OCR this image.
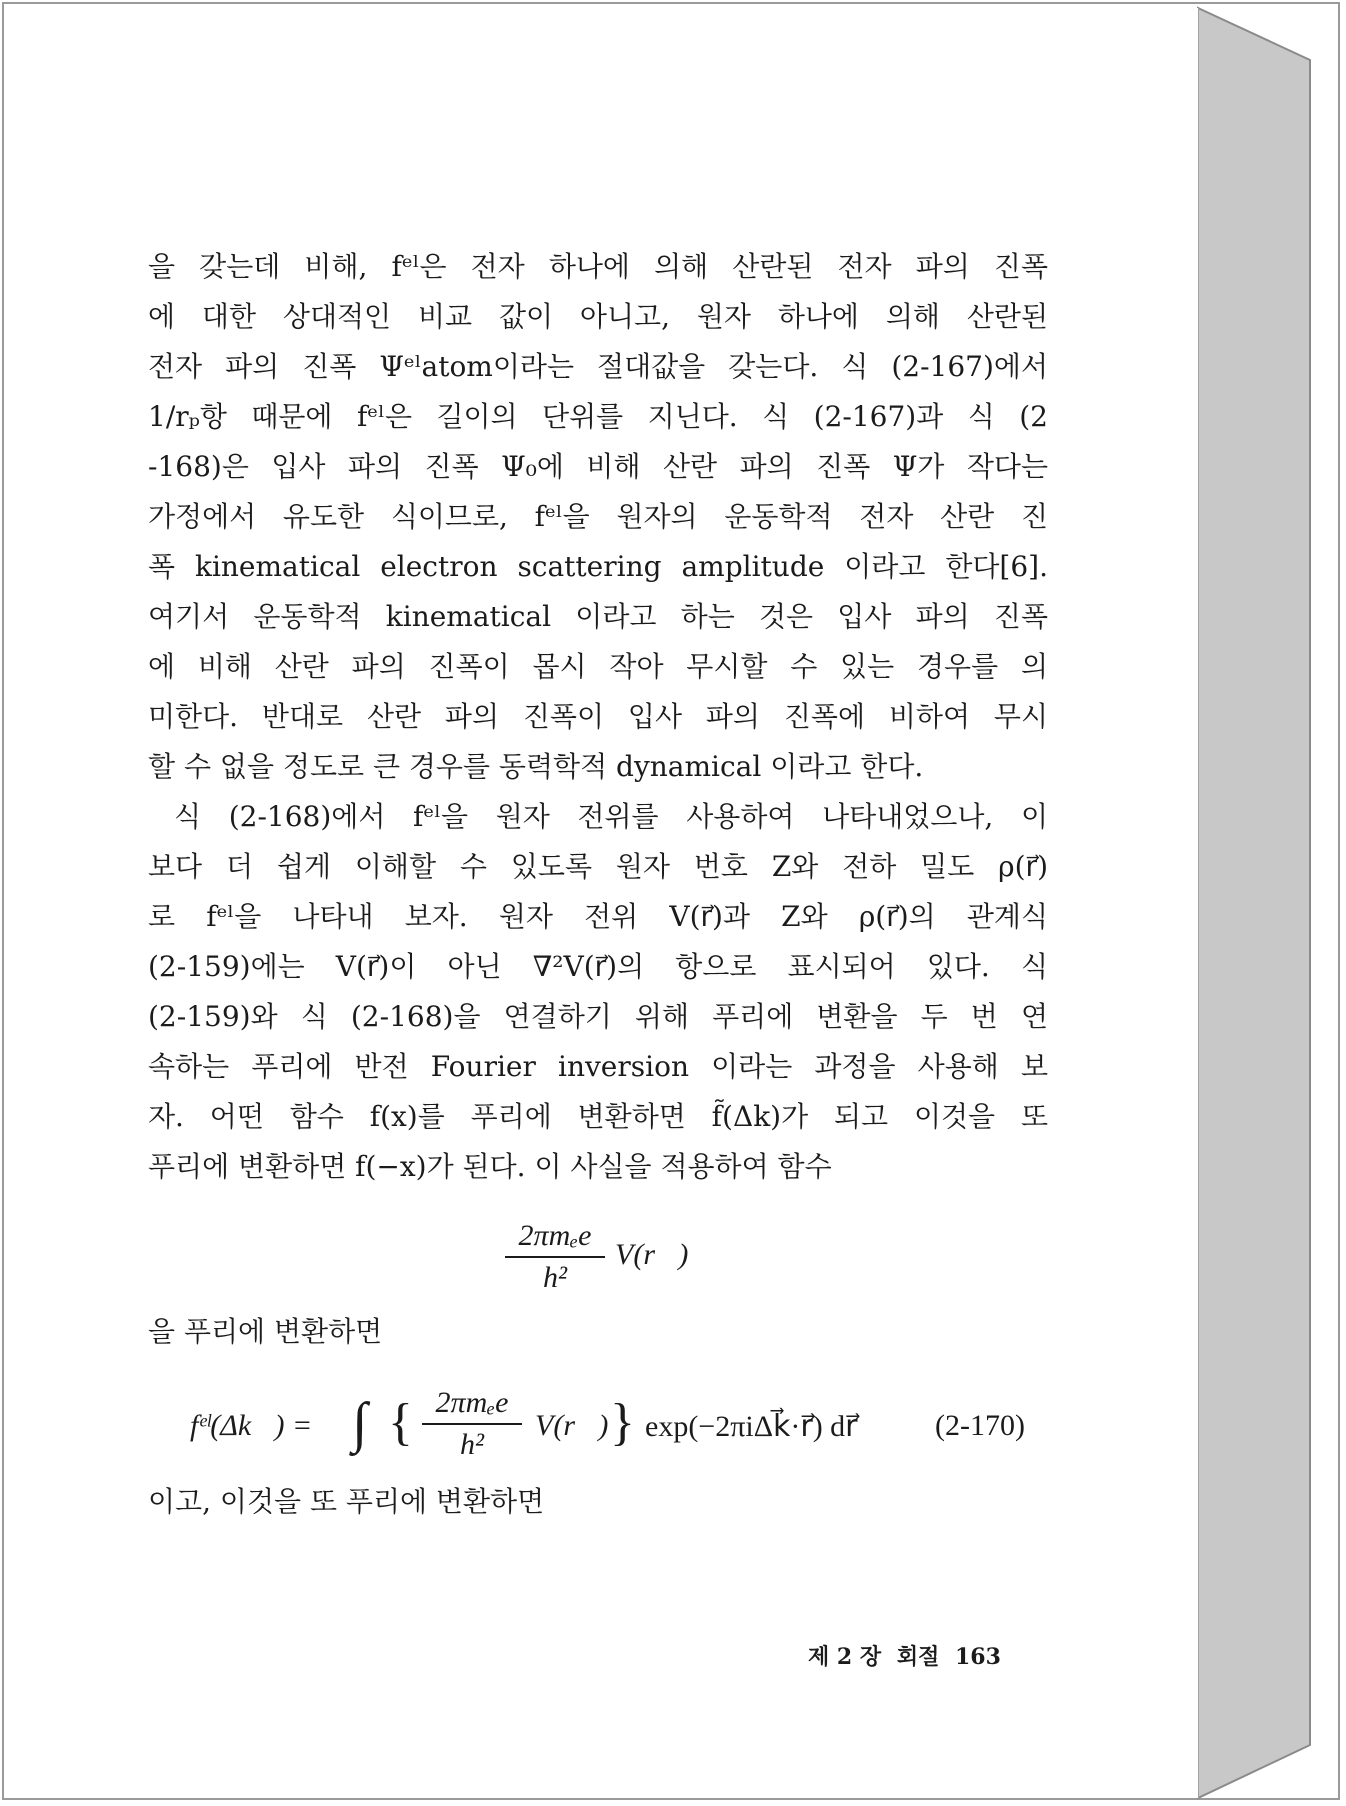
을 갖는데 비해, fᵉˡ은 전자 하나에 의해 산란된 전자 파의 진폭
에 대한 상대적인 비교 값이 아니고, 원자 하나에 의해 산란된
전자 파의 진폭 Ψᵉˡatom이라는 절대값을 갖는다. 식 (2-167)에서
1/rₚ항 때문에 fᵉˡ은 길이의 단위를 지닌다. 식 (2-167)과 식 (2
-168)은 입사 파의 진폭 Ψ₀에 비해 산란 파의 진폭 Ψ가 작다는
가정에서 유도한 식이므로, fᵉˡ을 원자의 운동학적 전자 산란 진
폭 kinematical electron scattering amplitude 이라고 한다[6].
여기서 운동학적 kinematical 이라고 하는 것은 입사 파의 진폭
에 비해 산란 파의 진폭이 몹시 작아 무시할 수 있는 경우를 의
미한다. 반대로 산란 파의 진폭이 입사 파의 진폭에 비하여 무시
할 수 없을 정도로 큰 경우를 동력학적 dynamical 이라고 한다.
식 (2-168)에서 fᵉˡ을 원자 전위를 사용하여 나타내었으나, 이
보다 더 쉽게 이해할 수 있도록 원자 번호 Z와 전하 밀도 ρ(r⃗)
로 fᵉˡ을 나타내 보자. 원자 전위 V(r⃗)과 Z와 ρ(r⃗)의 관계식
(2-159)에는 V(r⃗)이 아닌 ∇²V(r⃗)의 항으로 표시되어 있다. 식
(2-159)와 식 (2-168)을 연결하기 위해 푸리에 변환을 두 번 연
속하는 푸리에 반전 Fourier inversion 이라는 과정을 사용해 보
자. 어떤 함수 f(x)를 푸리에 변환하면 f̃(Δk)가 되고 이것을 또
푸리에 변환하면 f(−x)가 된다. 이 사실을 적용하여 함수
2πmₑe
h²
V(r⃗)
을 푸리에 변환하면
fᵉˡ(Δk⃗) = ∫ { 2πmₑe
h²
V(r⃗) } exp(−2πiΔk⃗·r⃗) dr⃗	(2-170)
이고, 이것을 또 푸리에 변환하면
제 2 장 회절 163
